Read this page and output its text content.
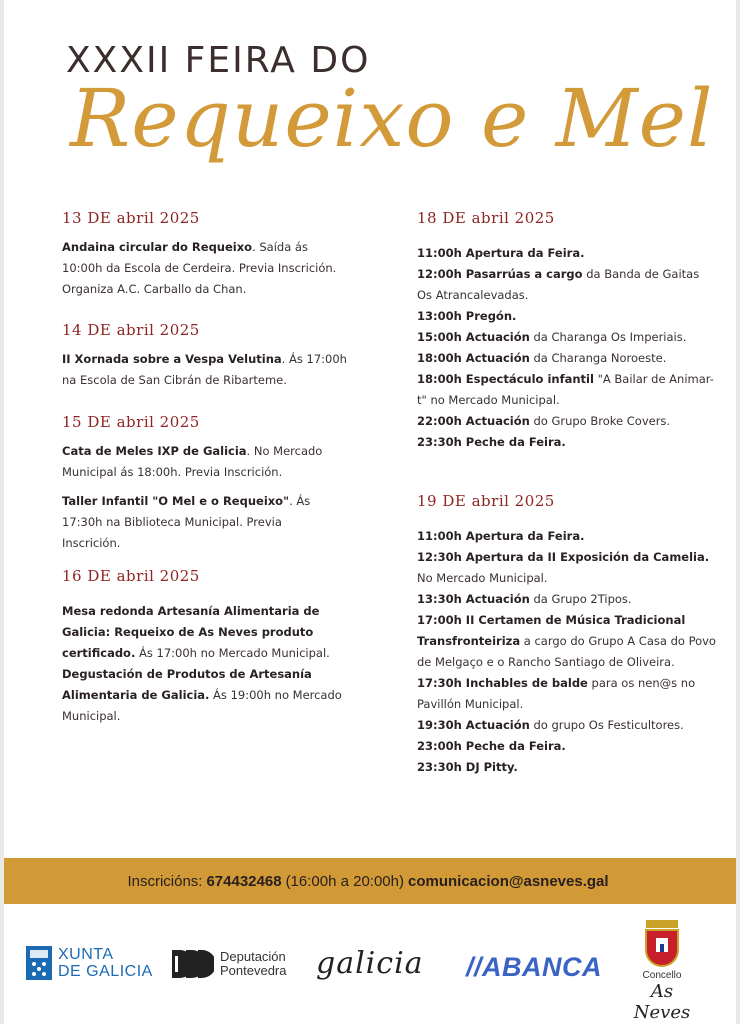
XXXII FEIRA DO
Requeixo e Mel
13 DE abril 2025

Andaina circular do Requeixo. Saída ás 10:00h da Escola de Cerdeira. Previa Inscrición. Organiza A.C. Carballo da Chan.

14 DE abril 2025

II Xornada sobre a Vespa Velutina. Ás 17:00h na Escola de San Cibrán de Ribarteme.

15 DE abril 2025

Cata de Meles IXP de Galicia. No Mercado Municipal ás 18:00h. Previa Inscrición.

Taller Infantil "O Mel e o Requeixo". Ás 17:30h na Biblioteca Municipal. Previa Inscrición.

16 DE abril 2025

Mesa redonda Artesanía Alimentaria de Galicia: Requeixo de As Neves produto certificado. Ás 17:00h no Mercado Municipal.

Degustación de Produtos de Artesanía Alimentaria de Galicia. Ás 19:00h no Mercado Municipal.

18 DE abril 2025

11:00h Apertura da Feira.

12:00h Pasarrúas a cargo da Banda de Gaitas Os Atrancalevadas.

13:00h Pregón.

15:00h Actuación da Charanga Os Imperiais.

18:00h Actuación da Charanga Noroeste.

18:00h Espectáculo infantil "A Bailar de Animar-t" no Mercado Municipal.

22:00h Actuación do Grupo Broke Covers.

23:30h Peche da Feira.

19 DE abril 2025

11:00h Apertura da Feira.

12:30h Apertura da II Exposición da Camelia. No Mercado Municipal.

13:30h Actuación da Grupo 2Tipos.

17:00h II Certamen de Música Tradicional Transfronteiriza a cargo do Grupo A Casa do Povo de Melgaço e o Rancho Santiago de Oliveira.

17:30h Inchables de balde para os nen@s no Pavillón Municipal.

19:30h Actuación do grupo Os Festicultores.

23:00h Peche da Feira.

23:30h DJ Pitty.

Inscricións: 674432468 (16:00h a 20:00h) comunicacion@asneves.gal
XUNTA
DE GALICIA
Deputación
Pontevedra galicia //ABANCA	Concello
As Neves
